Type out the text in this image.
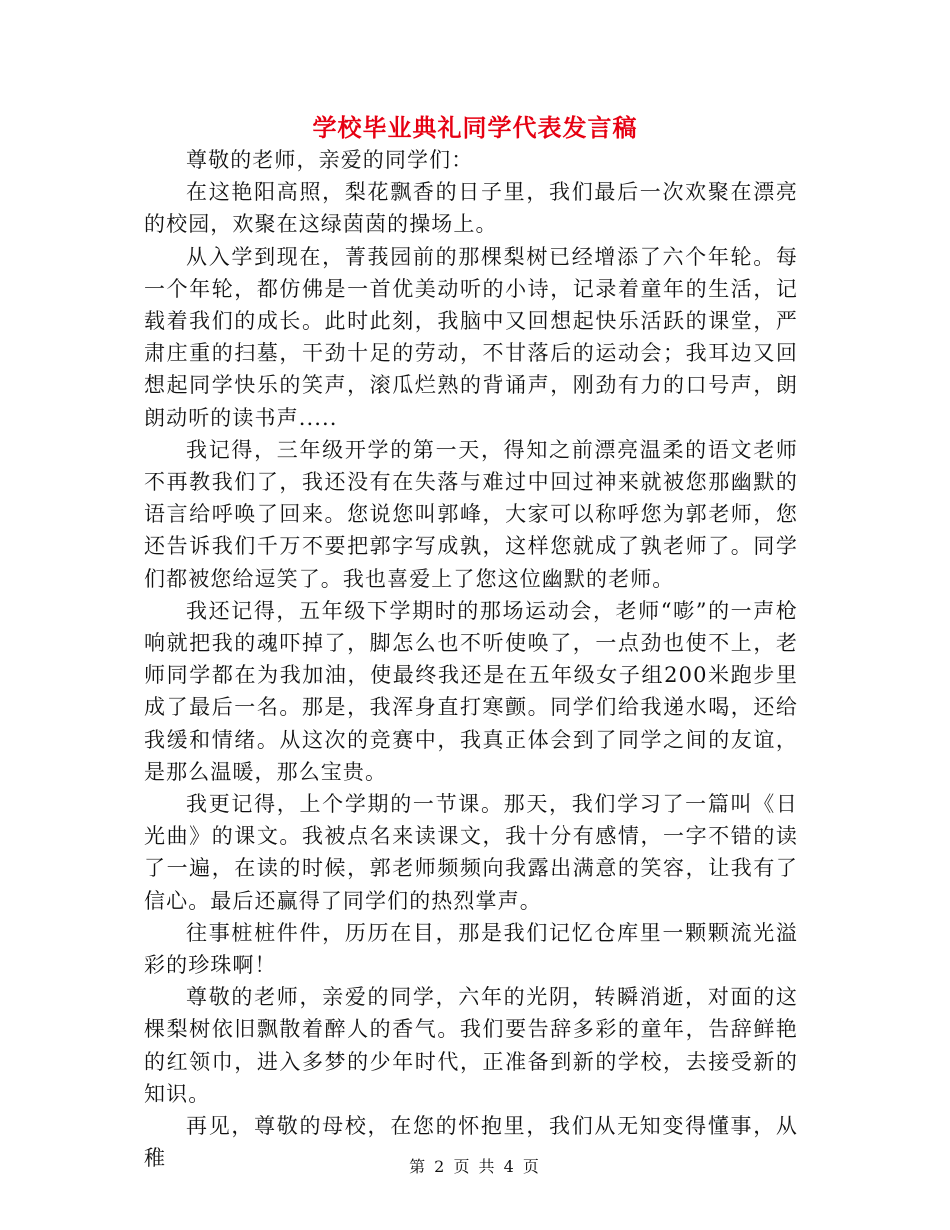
学校毕业典礼同学代表发言稿

尊敬的老师，亲爱的同学们：

在这艳阳高照，梨花飘香的日子里，我们最后一次欢聚在漂亮的校园，欢聚在这绿茵茵的操场上。

从入学到现在，菁莪园前的那棵梨树已经增添了六个年轮。每一个年轮，都仿佛是一首优美动听的小诗，记录着童年的生活，记载着我们的成长。此时此刻，我脑中又回想起快乐活跃的课堂，严肃庄重的扫墓，干劲十足的劳动，不甘落后的运动会；我耳边又回想起同学快乐的笑声，滚瓜烂熟的背诵声，刚劲有力的口号声，朗朗动听的读书声.....

我记得，三年级开学的第一天，得知之前漂亮温柔的语文老师不再教我们了，我还没有在失落与难过中回过神来就被您那幽默的语言给呼唤了回来。您说您叫郭峰，大家可以称呼您为郭老师，您还告诉我们千万不要把郭字写成孰，这样您就成了孰老师了。同学们都被您给逗笑了。我也喜爱上了您这位幽默的老师。

我还记得，五年级下学期时的那场运动会，老师“嘭”的一声枪响就把我的魂吓掉了，脚怎么也不听使唤了，一点劲也使不上，老师同学都在为我加油，使最终我还是在五年级女子组200米跑步里成了最后一名。那是，我浑身直打寒颤。同学们给我递水喝，还给我缓和情绪。从这次的竞赛中，我真正体会到了同学之间的友谊，是那么温暖，那么宝贵。

我更记得，上个学期的一节课。那天，我们学习了一篇叫《日光曲》的课文。我被点名来读课文，我十分有感情，一字不错的读了一遍，在读的时候，郭老师频频向我露出满意的笑容，让我有了信心。最后还赢得了同学们的热烈掌声。

往事桩桩件件，历历在目，那是我们记忆仓库里一颗颗流光溢彩的珍珠啊！

尊敬的老师，亲爱的同学，六年的光阴，转瞬消逝，对面的这棵梨树依旧飘散着醉人的香气。我们要告辞多彩的童年，告辞鲜艳的红领巾，进入多梦的少年时代，正准备到新的学校，去接受新的知识。

再见，尊敬的母校，在您的怀抱里，我们从无知变得懂事，从稚	第 2 页 共 4 页
